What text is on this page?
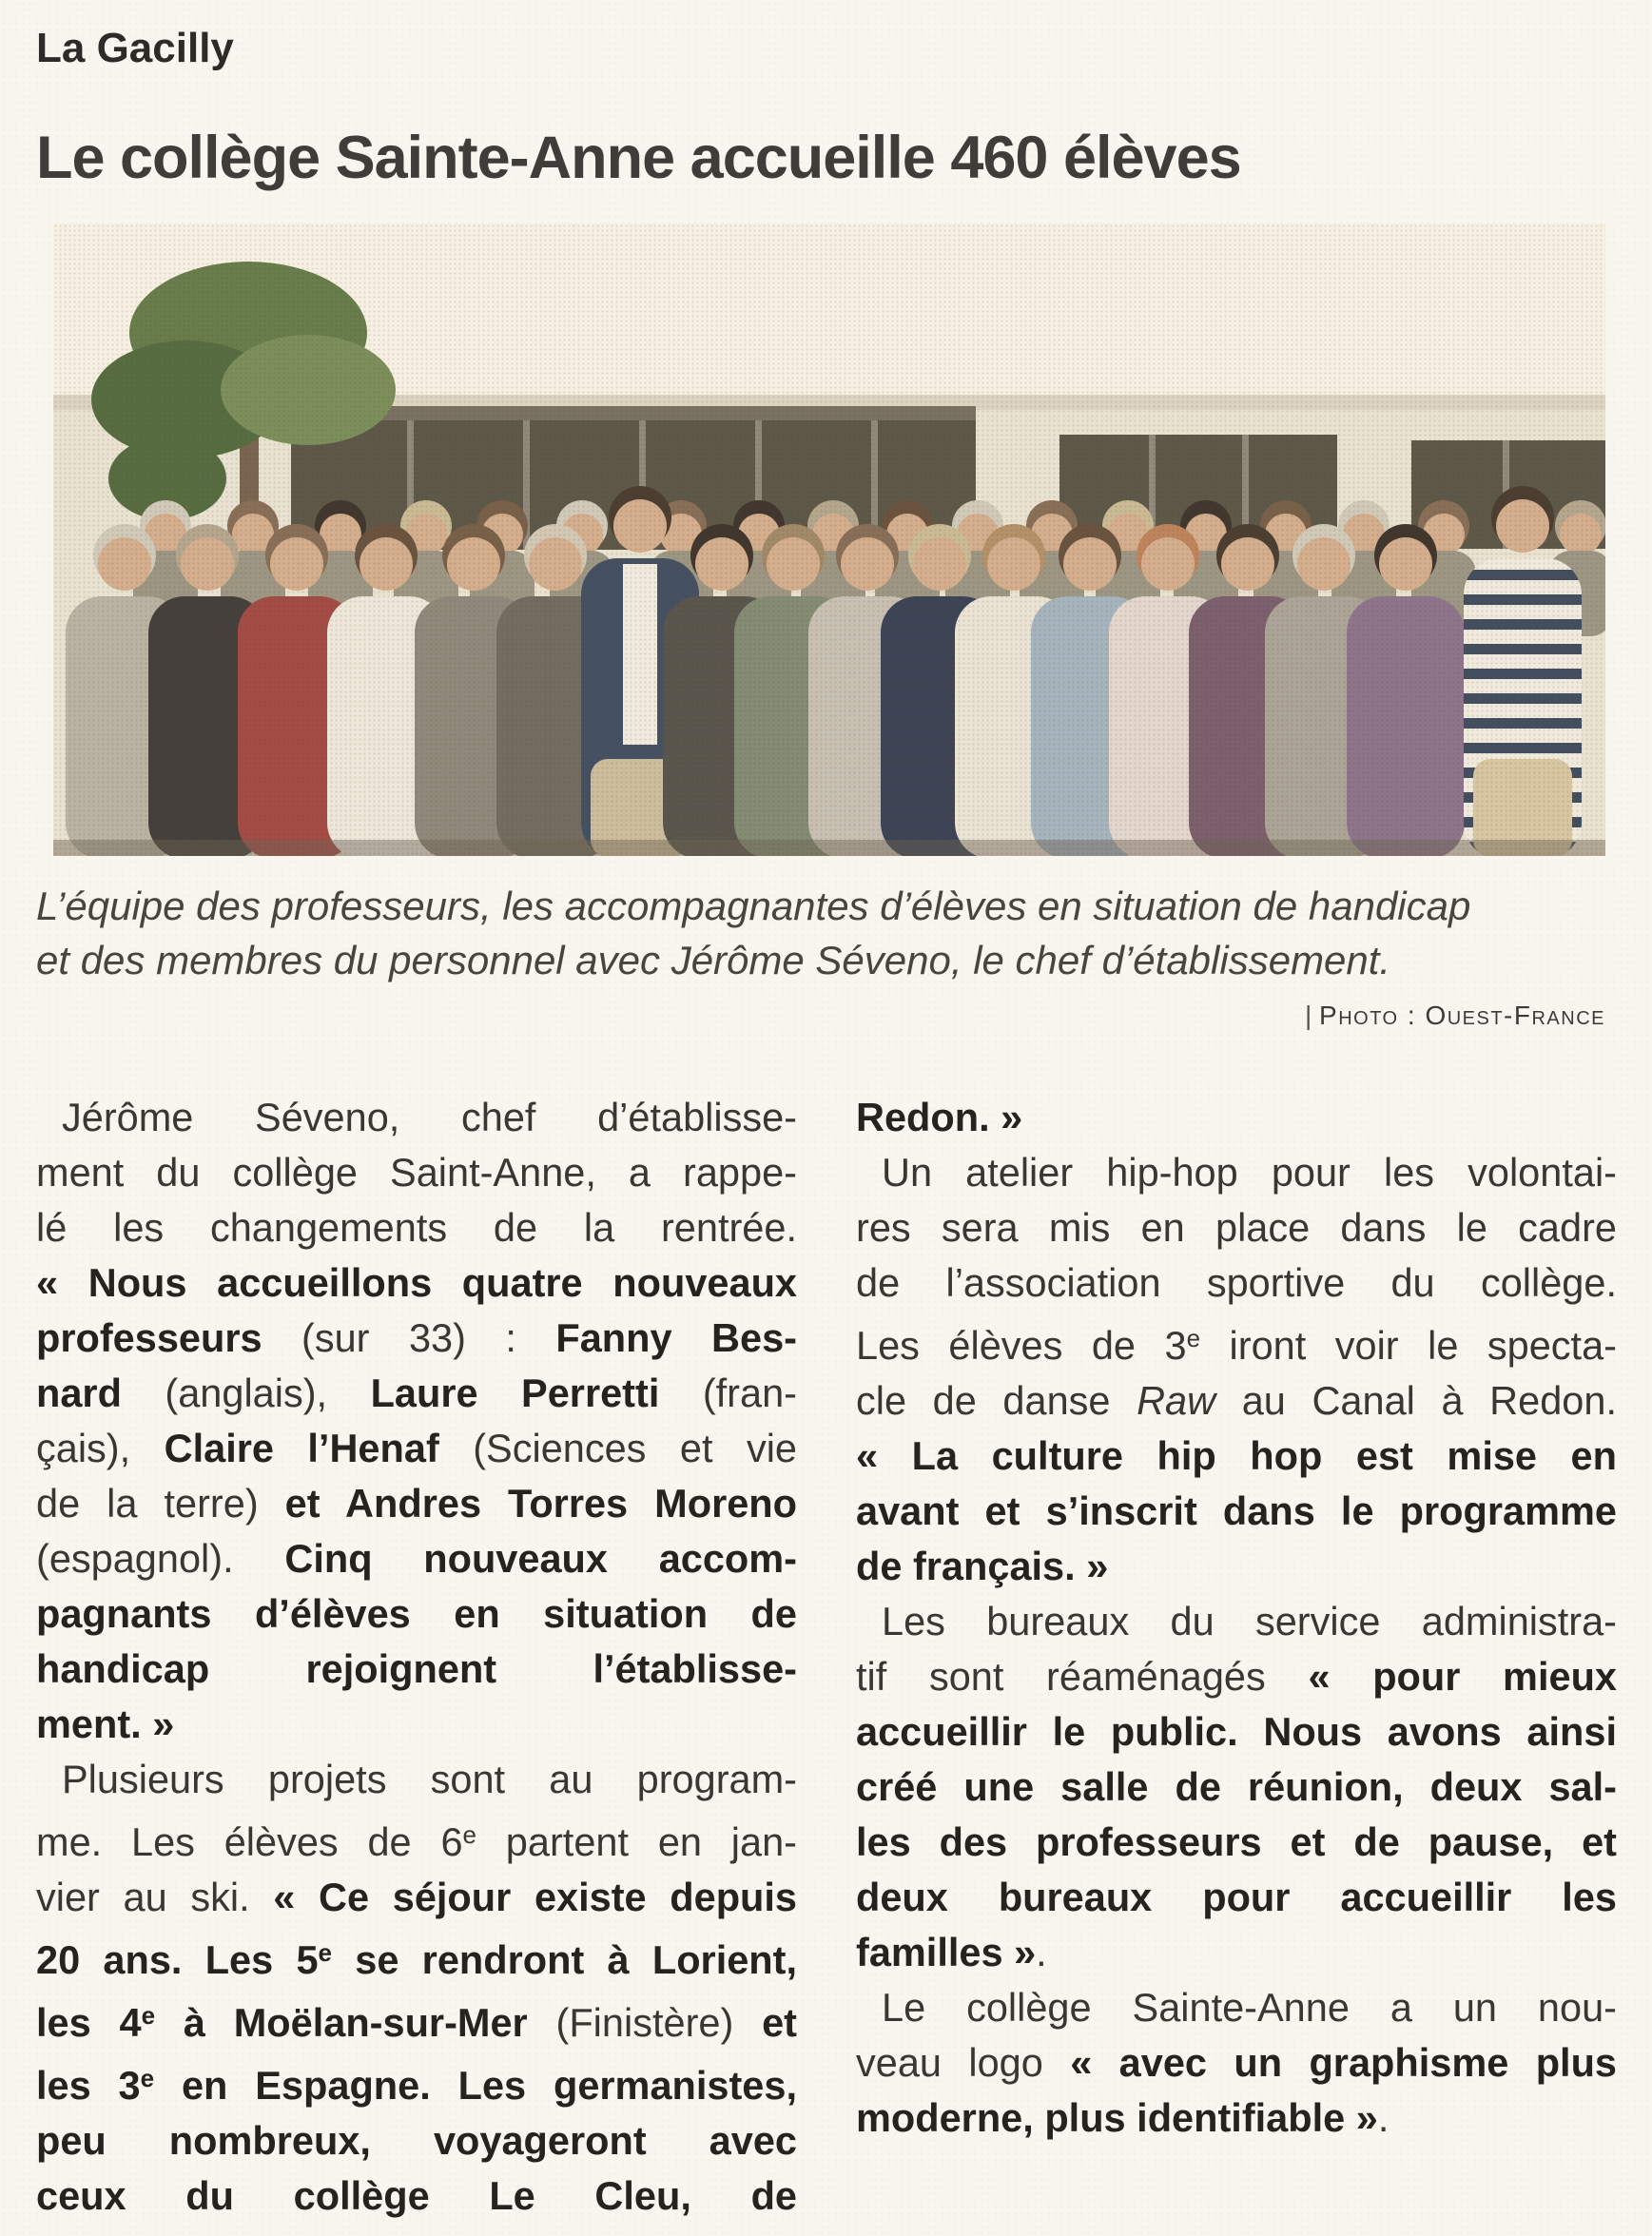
La Gacilly
Le collège Sainte-Anne accueille 460 élèves
L’équipe des professeurs, les accompagnantes d’élèves en situation de handicap
et des membres du personnel avec Jérôme Séveno, le chef d’établissement.
| Photo : Ouest-France
Jérôme Séveno, chef d’établisse-
ment du collège Saint-Anne, a rappe-
lé les changements de la rentrée.
« Nous accueillons quatre nouveaux
professeurs (sur 33) : Fanny Bes-
nard (anglais), Laure Perretti (fran-
çais), Claire l’Henaf (Sciences et vie
de la terre) et Andres Torres Moreno
(espagnol). Cinq nouveaux accom-
pagnants d’élèves en situation de
handicap rejoignent l’établisse-
ment. »
Plusieurs projets sont au program-
me. Les élèves de 6e partent en jan-
vier au ski. « Ce séjour existe depuis
20 ans. Les 5e se rendront à Lorient,
les 4e à Moëlan-sur-Mer (Finistère) et
les 3e en Espagne. Les germanistes,
peu nombreux, voyageront avec
ceux du collège Le Cleu, de
Redon. »
Un atelier hip-hop pour les volontai-
res sera mis en place dans le cadre
de l’association sportive du collège.
Les élèves de 3e iront voir le specta-
cle de danse Raw au Canal à Redon.
« La culture hip hop est mise en
avant et s’inscrit dans le programme
de français. »
Les bureaux du service administra-
tif sont réaménagés « pour mieux
accueillir le public. Nous avons ainsi
créé une salle de réunion, deux sal-
les des professeurs et de pause, et
deux bureaux pour accueillir les
familles ».
Le collège Sainte-Anne a un nou-
veau logo « avec un graphisme plus
moderne, plus identifiable ».
